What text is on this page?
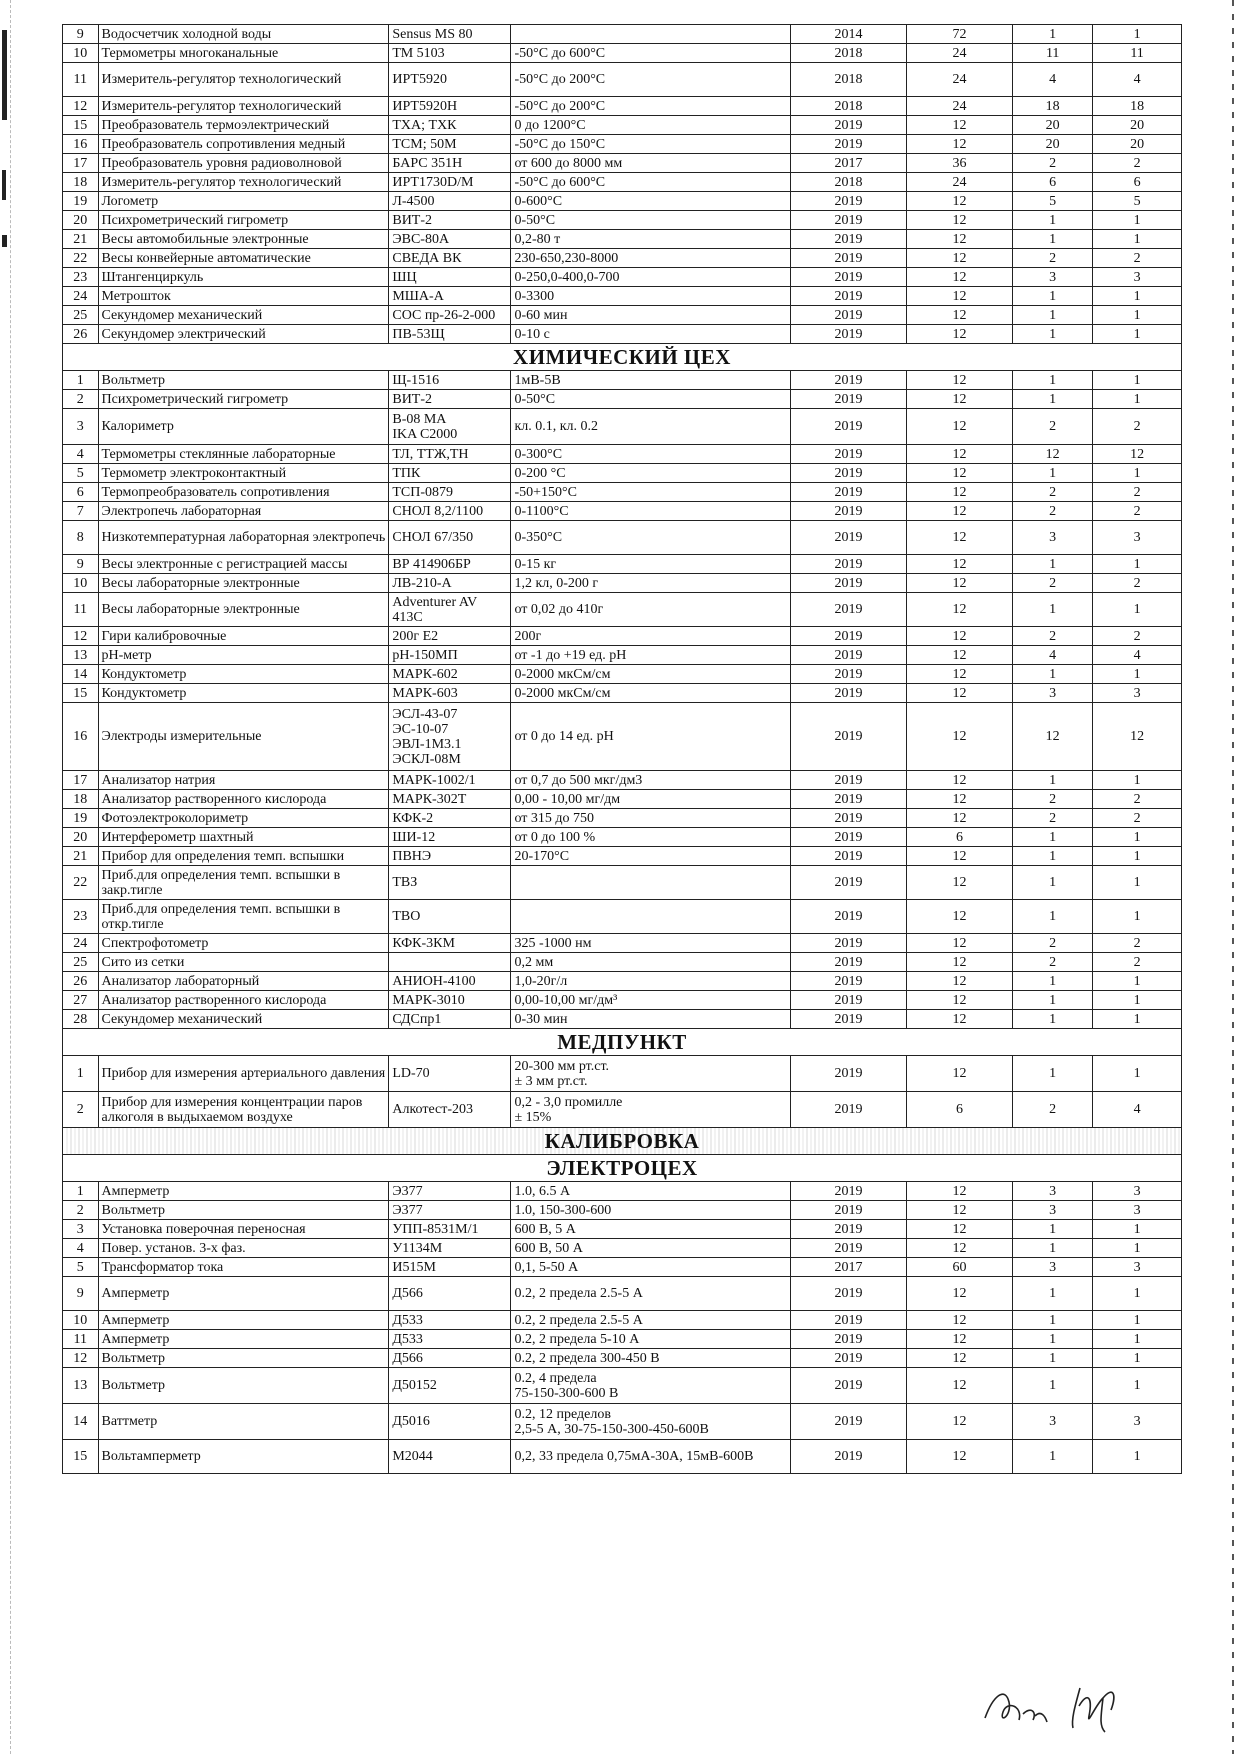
9	Водосчетчик холодной воды	Sensus MS 80		2014	72	1	1
10	Термометры многоканальные	ТМ 5103	-50°С до 600°С	2018	24	11	11
11	Измеритель-регулятор технологический	ИРТ5920	-50°С до 200°С	2018	24	4	4
12	Измеритель-регулятор технологический	ИРТ5920Н	-50°С до 200°С	2018	24	18	18
15	Преобразователь термоэлектрический	ТХА; ТХК	0 до 1200°С	2019	12	20	20
16	Преобразователь сопротивления медный	ТСМ; 50М	-50°С до 150°С	2019	12	20	20
17	Преобразователь уровня радиоволновой	БАРС 351Н	от 600 до 8000 мм	2017	36	2	2
18	Измеритель-регулятор технологический	ИРТ1730D/M	-50°С до 600°С	2018	24	6	6
19	Логометр	Л-4500	0-600°С	2019	12	5	5
20	Психрометрический гигрометр	ВИТ-2	0-50°С	2019	12	1	1
21	Весы автомобильные электронные	ЭВС-80А	0,2-80 т	2019	12	1	1
22	Весы конвейерные автоматические	СВЕДА ВК	230-650,230-8000	2019	12	2	2
23	Штангенциркуль	ШЦ	0-250,0-400,0-700	2019	12	3	3
24	Метрошток	МША-А	0-3300	2019	12	1	1
25	Секундомер механический	СОС пр-26-2-000	0-60 мин	2019	12	1	1
26	Секундомер электрический	ПВ-53Щ	0-10 с	2019	12	1	1
ХИМИЧЕСКИЙ ЦЕХ							
1	Вольтметр	Щ-1516	1мВ-5В	2019	12	1	1
2	Психрометрический гигрометр	ВИТ-2	0-50°С	2019	12	1	1
3	Калориметр	В-08 МА
IKA С2000	кл. 0.1, кл. 0.2	2019	12	2	2
4	Термометры стеклянные лабораторные	ТЛ, ТТЖ,ТН	0-300°С	2019	12	12	12
5	Термометр электроконтактный	ТПК	0-200 °С	2019	12	1	1
6	Термопреобразователь сопротивления	ТСП-0879	-50+150°С	2019	12	2	2
7	Электропечь лабораторная	СНОЛ 8,2/1100	0-1100°С	2019	12	2	2
8	Низкотемпературная лабораторная электропечь	СНОЛ 67/350	0-350°С	2019	12	3	3
9	Весы электронные с регистрацией массы	ВР 414906БР	0-15 кг	2019	12	1	1
10	Весы лабораторные электронные	ЛВ-210-А	1,2 кл, 0-200 г	2019	12	2	2
11	Весы лабораторные электронные	Adventurer AV 413C	от 0,02 до 410г	2019	12	1	1
12	Гири калибровочные	200г Е2	200г	2019	12	2	2
13	рН-метр	рН-150МП	от -1 до +19 ед. рН	2019	12	4	4
14	Кондуктометр	МАРК-602	0-2000 мкСм/см	2019	12	1	1
15	Кондуктометр	МАРК-603	0-2000 мкСм/см	2019	12	3	3
16	Электроды измерительные	ЭСЛ-43-07
ЭС-10-07
ЭВЛ-1М3.1
ЭСКЛ-08М	от 0 до 14 ед. рН	2019	12	12	12
17	Анализатор натрия	МАРК-1002/1	от 0,7 до 500 мкг/дм3	2019	12	1	1
18	Анализатор растворенного кислорода	МАРК-302Т	0,00 - 10,00 мг/дм	2019	12	2	2
19	Фотоэлектроколориметр	КФК-2	от 315 до 750	2019	12	2	2
20	Интерферометр шахтный	ШИ-12	от 0 до 100 %	2019	6	1	1
21	Прибор для определения темп. вспышки	ПВНЭ	20-170°С	2019	12	1	1
22	Приб.для определения темп. вспышки в закр.тигле	ТВЗ		2019	12	1	1
23	Приб.для определения темп. вспышки в откр.тигле	ТВО		2019	12	1	1
24	Спектрофотометр	КФК-3КМ	325 -1000 нм	2019	12	2	2
25	Сито из сетки		0,2 мм	2019	12	2	2
26	Анализатор лабораторный	АНИОН-4100	1,0-20г/л	2019	12	1	1
27	Анализатор растворенного кислорода	МАРК-3010	0,00-10,00 мг/дм³	2019	12	1	1
28	Секундомер механический	СДСпр1	0-30 мин	2019	12	1	1
МЕДПУНКТ							
1	Прибор для измерения артериального давления	LD-70	20-300 мм рт.ст.
± 3 мм рт.ст.	2019	12	1	1
2	Прибор для измерения концентрации паров алкоголя в выдыхаемом воздухе	Алкотест-203	0,2 - 3,0 промилле
± 15%	2019	6	2	4
КАЛИБРОВКА							
ЭЛЕКТРОЦЕХ							
1	Амперметр	Э377	1.0, 6.5 А	2019	12	3	3
2	Вольтметр	Э377	1.0, 150-300-600	2019	12	3	3
3	Установка поверочная переносная	УПП-8531М/1	600 В, 5 А	2019	12	1	1
4	Повер. установ. 3-х фаз.	У1134М	600 В, 50 А	2019	12	1	1
5	Трансформатор тока	И515М	0,1, 5-50 А	2017	60	3	3
9	Амперметр	Д566	0.2, 2 предела 2.5-5 А	2019	12	1	1
10	Амперметр	Д533	0.2, 2 предела 2.5-5 А	2019	12	1	1
11	Амперметр	Д533	0.2, 2 предела 5-10 А	2019	12	1	1
12	Вольтметр	Д566	0.2, 2 предела 300-450 В	2019	12	1	1
13	Вольтметр	Д50152	0.2, 4 предела
75-150-300-600 В	2019	12	1	1
14	Ваттметр	Д5016	0.2, 12 пределов
2,5-5 А, 30-75-150-300-450-600В	2019	12	3	3
15	Вольтамперметр	М2044	0,2, 33 предела 0,75мА-30А, 15мВ-600В	2019	12	1	1
